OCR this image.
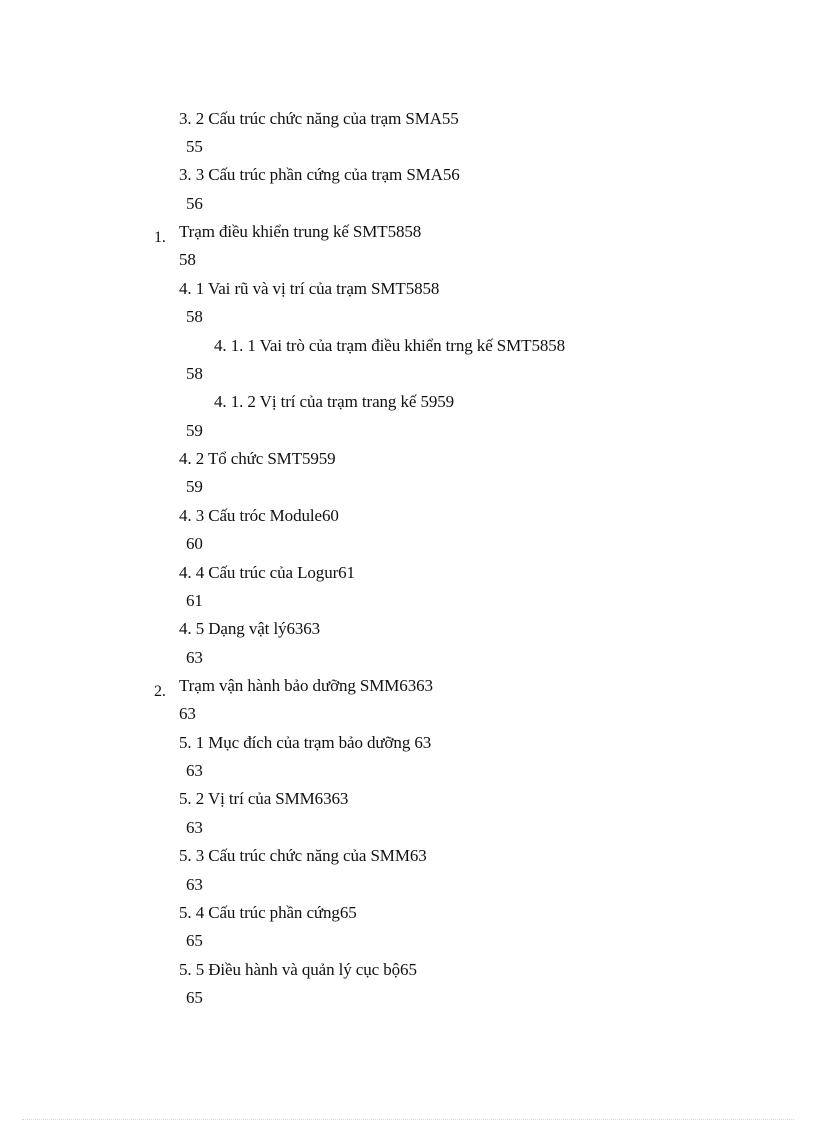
3. 2 Cấu trúc chức năng của trạm SMA55
55
3. 3 Cấu trúc phần cứng của trạm SMA56
56
1. Trạm điều khiển trung kế SMT5858
58
4. 1 Vai rũ và vị trí của trạm SMT5858
58
4. 1. 1 Vai trò của trạm điều khiển trng kế SMT5858
58
4. 1. 2 Vị trí của trạm trang kế 5959
59
4. 2 Tổ chức SMT5959
59
4. 3 Cấu tróc Module60
60
4. 4 Cấu trúc của Logur61
61
4. 5 Dạng vật lý6363
63
2. Trạm vận hành bảo dưỡng SMM6363
63
5. 1 Mục đích của trạm bảo dưỡng 63
63
5. 2 Vị trí của SMM6363
63
5. 3 Cấu trúc chức năng của SMM63
63
5. 4 Cấu trúc phần cứng65
65
5. 5 Điều hành và quản lý cục bộ65
65
